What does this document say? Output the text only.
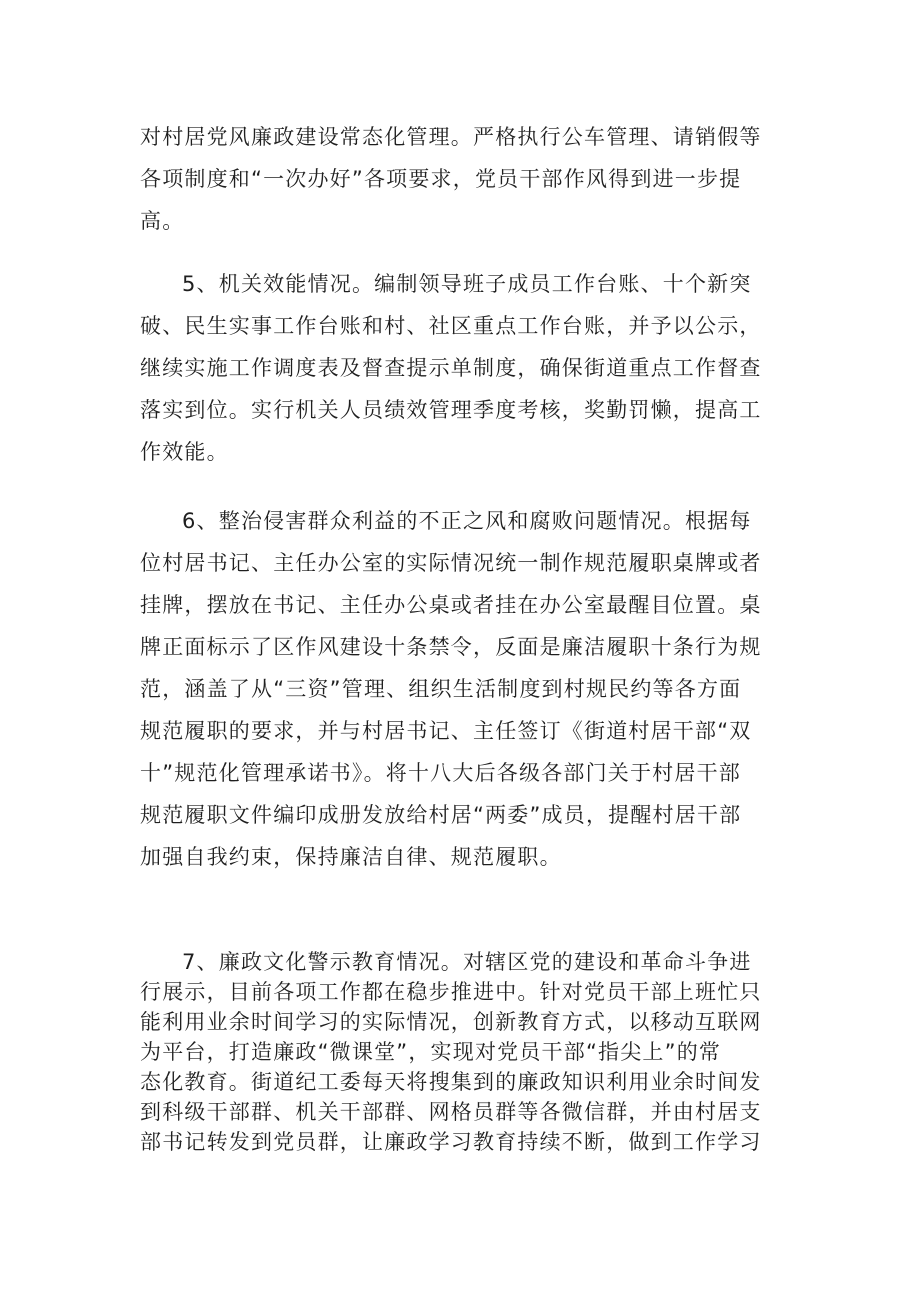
对村居党风廉政建设常态化管理。严格执行公车管理、请销假等
各项制度和“一次办好”各项要求，党员干部作风得到进一步提
高。
5、机关效能情况。编制领导班子成员工作台账、十个新突
破、民生实事工作台账和村、社区重点工作台账，并予以公示，
继续实施工作调度表及督查提示单制度，确保街道重点工作督查
落实到位。实行机关人员绩效管理季度考核，奖勤罚懒，提高工
作效能。
6、整治侵害群众利益的不正之风和腐败问题情况。根据每
位村居书记、主任办公室的实际情况统一制作规范履职桌牌或者
挂牌，摆放在书记、主任办公桌或者挂在办公室最醒目位置。桌
牌正面标示了区作风建设十条禁令，反面是廉洁履职十条行为规
范，涵盖了从“三资”管理、组织生活制度到村规民约等各方面
规范履职的要求，并与村居书记、主任签订《街道村居干部“双
十”规范化管理承诺书》。将十八大后各级各部门关于村居干部
规范履职文件编印成册发放给村居“两委”成员，提醒村居干部
加强自我约束，保持廉洁自律、规范履职。
7、廉政文化警示教育情况。对辖区党的建设和革命斗争进
行展示，目前各项工作都在稳步推进中。针对党员干部上班忙只
能利用业余时间学习的实际情况，创新教育方式，以移动互联网
为平台，打造廉政“微课堂”，实现对党员干部“指尖上”的常
态化教育。街道纪工委每天将搜集到的廉政知识利用业余时间发
到科级干部群、机关干部群、网格员群等各微信群，并由村居支
部书记转发到党员群，让廉政学习教育持续不断，做到工作学习
